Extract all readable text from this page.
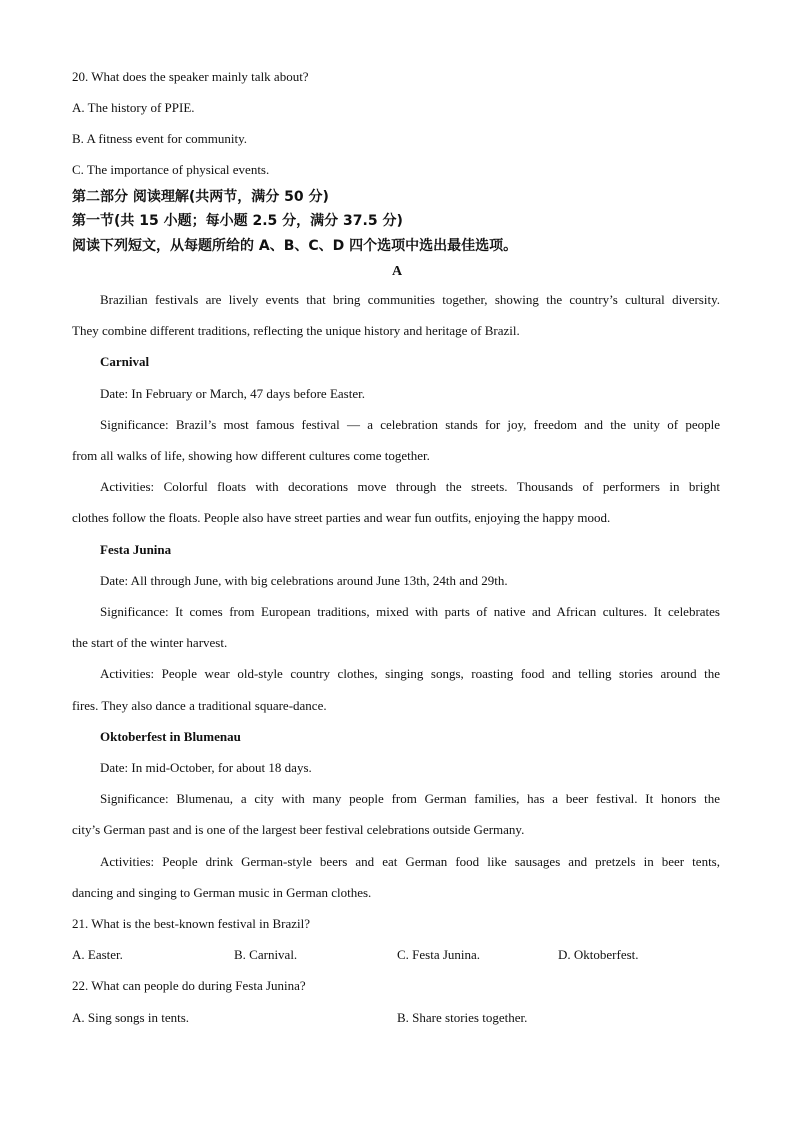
20. What does the speaker mainly talk about?
A. The history of PPIE.
B. A fitness event for community.
C. The importance of physical events.
第二部分 阅读理解(共两节，满分 50 分)
第一节(共 15 小题；每小题 2.5 分，满分 37.5 分)
阅读下列短文，从每题所给的 A、B、C、D 四个选项中选出最佳选项。
A
Brazilian festivals are lively events that bring communities together, showing the country’s cultural diversity.
They combine different traditions, reflecting the unique history and heritage of Brazil.
Carnival
Date: In February or March, 47 days before Easter.
Significance: Brazil’s most famous festival — a celebration stands for joy, freedom and the unity of people
from all walks of life, showing how different cultures come together.
Activities: Colorful floats with decorations move through the streets. Thousands of performers in bright
clothes follow the floats. People also have street parties and wear fun outfits, enjoying the happy mood.
Festa Junina
Date: All through June, with big celebrations around June 13th, 24th and 29th.
Significance: It comes from European traditions, mixed with parts of native and African cultures. It celebrates
the start of the winter harvest.
Activities: People wear old-style country clothes, singing songs, roasting food and telling stories around the
fires. They also dance a traditional square-dance.
Oktoberfest in Blumenau
Date: In mid-October, for about 18 days.
Significance: Blumenau, a city with many people from German families, has a beer festival. It honors the
city’s German past and is one of the largest beer festival celebrations outside Germany.
Activities: People drink German-style beers and eat German food like sausages and pretzels in beer tents,
dancing and singing to German music in German clothes.
21. What is the best-known festival in Brazil?
A. Easter.	B. Carnival.	C. Festa Junina.	D. Oktoberfest.
22. What can people do during Festa Junina?
A. Sing songs in tents.	B. Share stories together.
